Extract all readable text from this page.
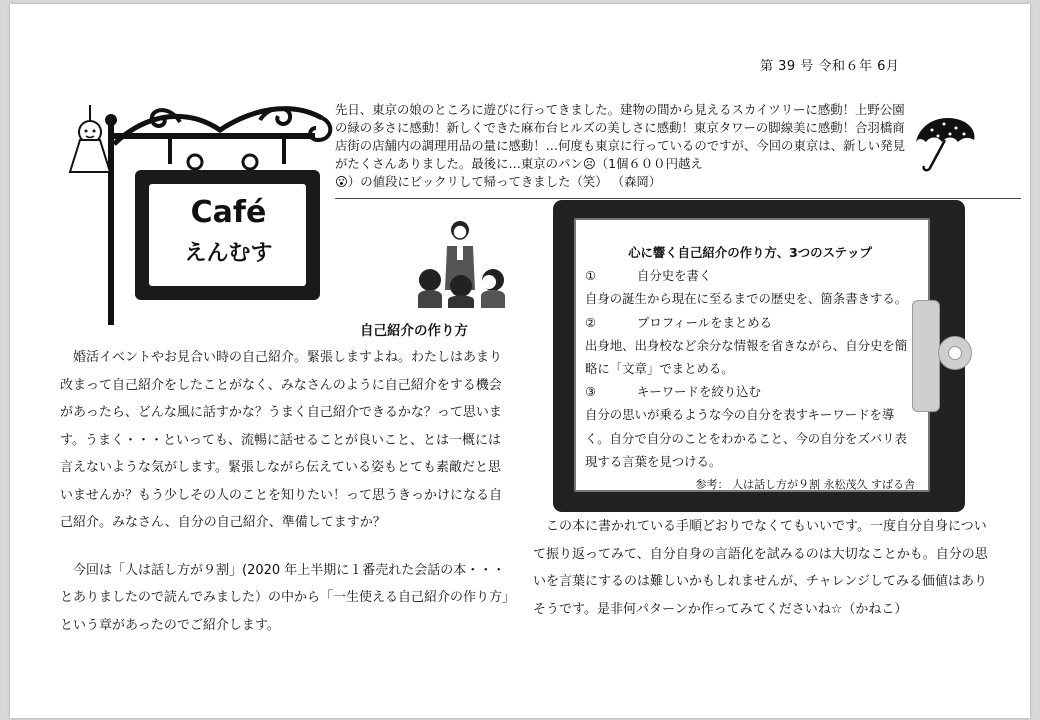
Café
えんむす
第 39 号 令和６年 6月

先日、東京の娘のところに遊びに行ってきました。建物の間から見えるスカイツリーに感動！上野公園の緑の多さに感動！新しくできた麻布台ヒルズの美しさに感動！東京タワーの脚線美に感動！合羽橋商店街の店舗内の調理用品の量に感動！…何度も東京に行っているのですが、今回の東京は、新しい発見がたくさんありました。最後に…東京のパン☹（1個６００円越え
😮）の値段にビックリして帰ってきました（笑） （森岡）

自己紹介の作り方

婚活イベントやお見合い時の自己紹介。緊張しますよね。わたしはあまり改まって自己紹介をしたことがなく、みなさんのように自己紹介をする機会があったら、どんな風に話すかな？うまく自己紹介できるかな？って思います。うまく・・・といっても、流暢に話せることが良いこと、とは一概には言えないような気がします。緊張しながら伝えている姿もとても素敵だと思いませんか？もう少しその人のことを知りたい！って思うきっかけになる自己紹介。みなさん、自分の自己紹介、準備してますか？

今回は「人は話し方が９割」(2020 年上半期に１番売れた会話の本・・・とありましたので読んでみました）の中から「一生使える自己紹介の作り方」という章があったのでご紹介します。

心に響く自己紹介の作り方、3つのステップ
①	自分史を書く
自身の誕生から現在に至るまでの歴史を、箇条書きする。
②	プロフィールをまとめる
出身地、出身校など余分な情報を省きながら、自分史を簡略に「文章」でまとめる。
③	キーワードを絞り込む
自分の思いが乗るような今の自分を表すキーワードを導く。自分で自分のことをわかること、今の自分をズバリ表現する言葉を見つける。
参考： 人は話し方が９割 永松茂久 すばる舎

この本に書かれている手順どおりでなくてもいいです。一度自分自身について振り返ってみて、自分自身の言語化を試みるのは大切なことかも。自分の思いを言葉にするのは難しいかもしれませんが、チャレンジしてみる価値はありそうです。是非何パターンか作ってみてくださいね☆（かねこ）
